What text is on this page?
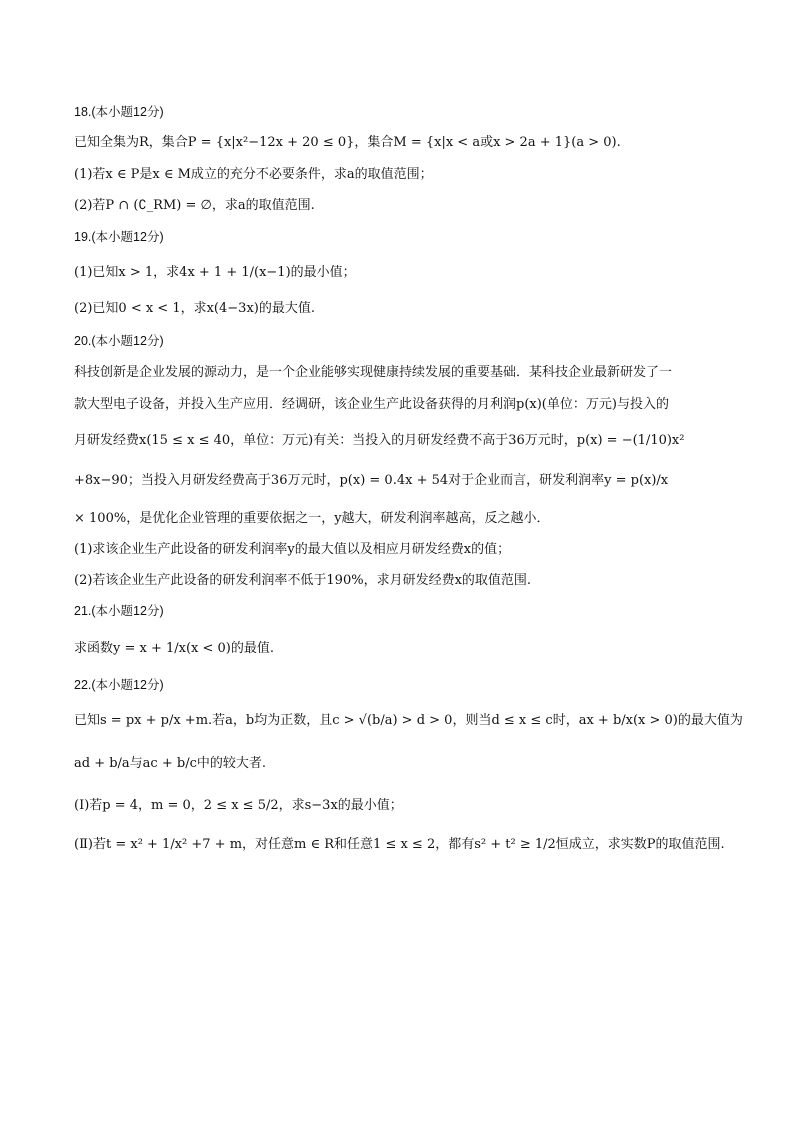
18.(本小题12分)
已知全集为R，集合P = {x|x²−12x + 20 ≤ 0}，集合M = {x|x < a或x > 2a + 1}(a > 0).
(1)若x ∈ P是x ∈ M成立的充分不必要条件，求a的取值范围；
(2)若P ∩ (∁_RM) = ∅，求a的取值范围.
19.(本小题12分)
(1)已知x > 1，求4x + 1 + 1/(x−1)的最小值；
(2)已知0 < x < 1，求x(4−3x)的最大值.
20.(本小题12分)
科技创新是企业发展的源动力，是一个企业能够实现健康持续发展的重要基础．某科技企业最新研发了一
款大型电子设备，并投入生产应用．经调研，该企业生产此设备获得的月利润p(x)(单位：万元)与投入的
月研发经费x(15 ≤ x ≤ 40，单位：万元)有关：当投入的月研发经费不高于36万元时，p(x) = −(1/10)x²
+8x−90；当投入月研发经费高于36万元时，p(x) = 0.4x + 54对于企业而言，研发利润率y = p(x)/x
× 100%，是优化企业管理的重要依据之一，y越大，研发利润率越高，反之越小．
(1)求该企业生产此设备的研发利润率y的最大值以及相应月研发经费x的值；
(2)若该企业生产此设备的研发利润率不低于190%，求月研发经费x的取值范围.
21.(本小题12分)
求函数y = x + 1/x(x < 0)的最值.
22.(本小题12分)
已知s = px + p/x +m.若a，b均为正数，且c > √(b/a) > d > 0，则当d ≤ x ≤ c时，ax + b/x(x > 0)的最大值为
ad + b/a与ac + b/c中的较大者.
(Ⅰ)若p = 4，m = 0，2 ≤ x ≤ 5/2，求s−3x的最小值；
(Ⅱ)若t = x² + 1/x² +7 + m，对任意m ∈ R和任意1 ≤ x ≤ 2，都有s² + t² ≥ 1/2恒成立，求实数P的取值范围.
